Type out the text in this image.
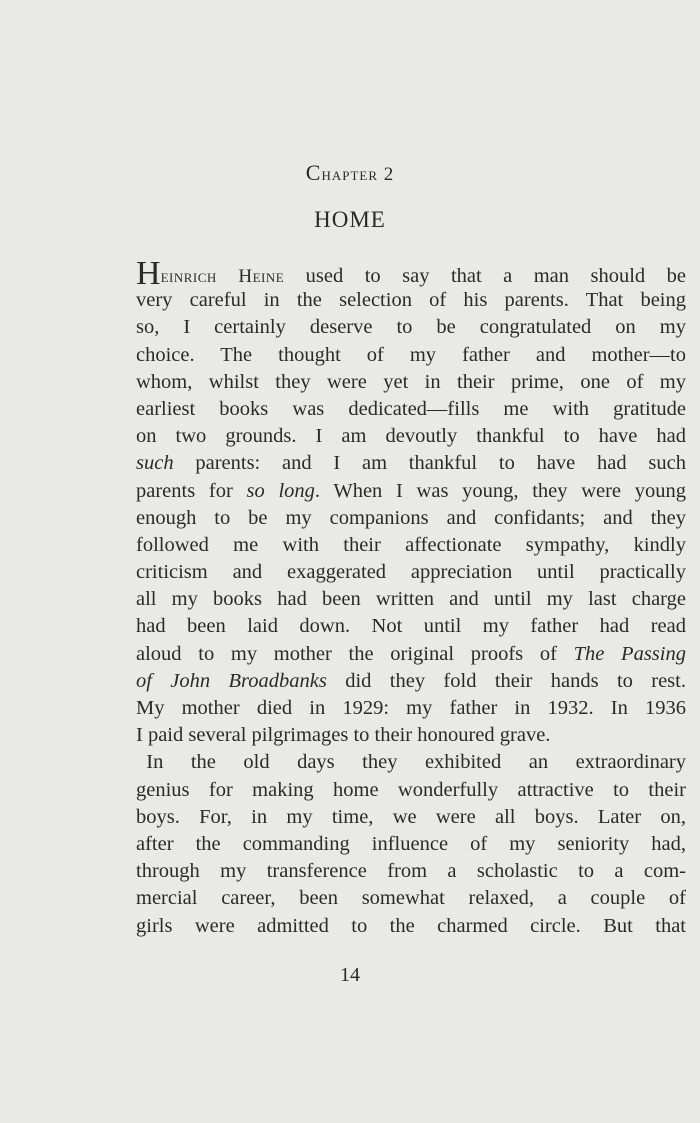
Chapter 2
HOME
Heinrich Heine used to say that a man should be
very careful in the selection of his parents. That being
so, I certainly deserve to be congratulated on my
choice. The thought of my father and mother—to
whom, whilst they were yet in their prime, one of my
earliest books was dedicated—fills me with gratitude
on two grounds. I am devoutly thankful to have had
such parents: and I am thankful to have had such
parents for so long. When I was young, they were young
enough to be my companions and confidants; and they
followed me with their affectionate sympathy, kindly
criticism and exaggerated appreciation until practically
all my books had been written and until my last charge
had been laid down. Not until my father had read
aloud to my mother the original proofs of The Passing
of John Broadbanks did they fold their hands to rest.
My mother died in 1929: my father in 1932. In 1936
I paid several pilgrimages to their honoured grave.
 In the old days they exhibited an extraordinary
genius for making home wonderfully attractive to their
boys. For, in my time, we were all boys. Later on,
after the commanding influence of my seniority had,
through my transference from a scholastic to a com-
mercial career, been somewhat relaxed, a couple of
girls were admitted to the charmed circle. But that
14
